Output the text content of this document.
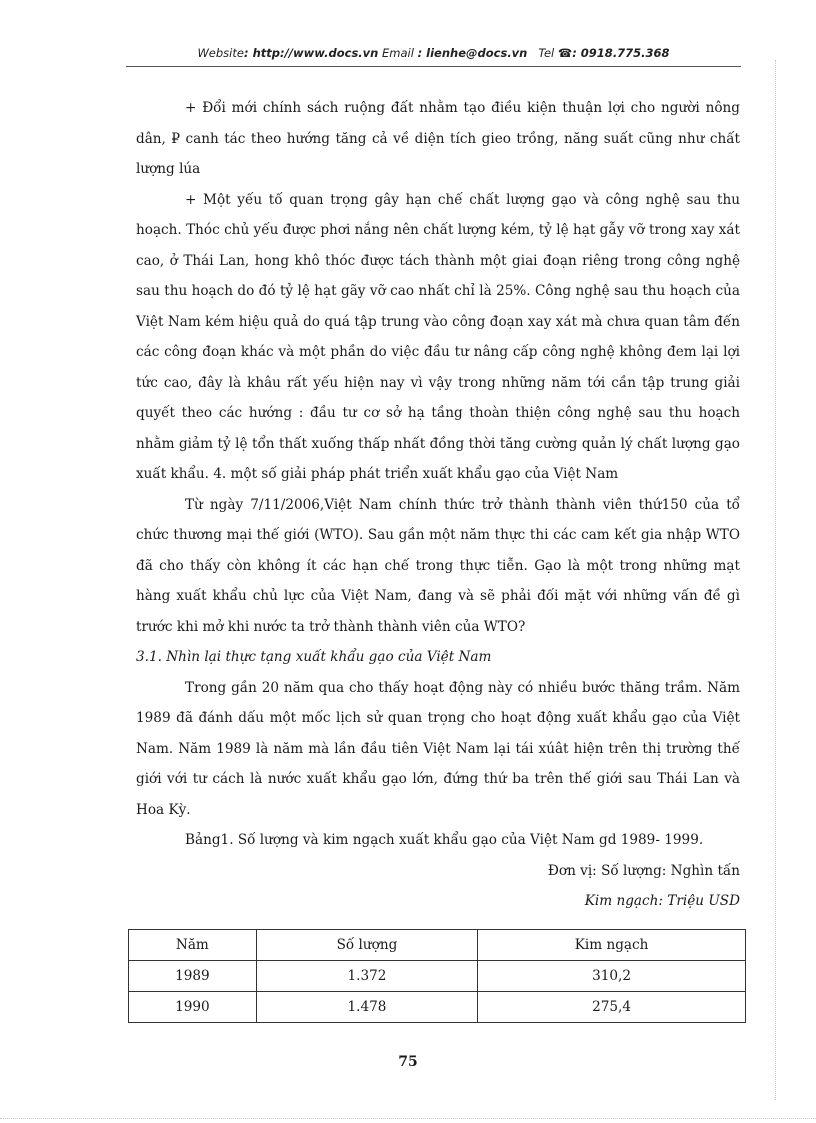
Website: http://www.docs.vn Email : lienhe@docs.vn Tel ☎: 0918.775.368

+ Đổi mới chính sách ruộng đất nhằm tạo điều kiện thuận lợi cho người nông dân, ₽ canh tác theo hướng tăng cả về diện tích gieo trồng, năng suất cũng như chất lượng lúa

+ Một yếu tố quan trọng gây hạn chế chất lượng gạo và công nghệ sau thu hoạch. Thóc chủ yếu được phơi nắng nên chất lượng kém, tỷ lệ hạt gẫy vỡ trong xay xát cao, ở Thái Lan, hong khô thóc được tách thành một giai đoạn riêng trong công nghệ sau thu hoạch do đó tỷ lệ hạt gãy vỡ cao nhất chỉ là 25%. Công nghệ sau thu hoạch của Việt Nam kém hiệu quả do quá tập trung vào công đoạn xay xát mà chưa quan tâm đến các công đoạn khác và một phần do việc đầu tư nâng cấp công nghệ không đem lại lợi tức cao, đây là khâu rất yếu hiện nay vì vậy trong những năm tới cần tập trung giải quyết theo các hướng : đầu tư cơ sở hạ tầng thoàn thiện công nghệ sau thu hoạch nhằm giảm tỷ lệ tổn thất xuống thấp nhất đồng thời tăng cường quản lý chất lượng gạo xuất khẩu. 4. một số giải pháp phát triển xuất khẩu gạo của Việt Nam

Từ ngày 7/11/2006,Việt Nam chính thức trở thành thành viên thứ150 của tổ chức thương mại thế giới (WTO). Sau gần một năm thực thi các cam kết gia nhập WTO đã cho thấy còn không ít các hạn chế trong thực tiễn. Gạo là một trong những mạt hàng xuất khẩu chủ lực của Việt Nam, đang và sẽ phải đối mặt với những vấn đề gì trước khi mở khi nước ta trở thành thành viên của WTO?

3.1. Nhìn lại thực tạng xuất khẩu gạo của Việt Nam

Trong gần 20 năm qua cho thấy hoạt động này có nhiều bước thăng trầm. Năm 1989 đã đánh dấu một mốc lịch sử quan trọng cho hoạt động xuất khẩu gạo của Việt Nam. Năm 1989 là năm mà lần đầu tiên Việt Nam lại tái xúât hiện trên thị trường thế giới với tư cách là nước xuất khẩu gạo lớn, đứng thứ ba trên thế giới sau Thái Lan và Hoa Kỳ.

Bảng1. Số lượng và kim ngạch xuất khẩu gạo của Việt Nam gd 1989- 1999.

Đơn vị: Số lượng: Nghìn tấn

Kim ngạch: Triệu USD

Năm	Số lượng	Kim ngạch
1989	1.372	310,2
1990	1.478	275,4
75
